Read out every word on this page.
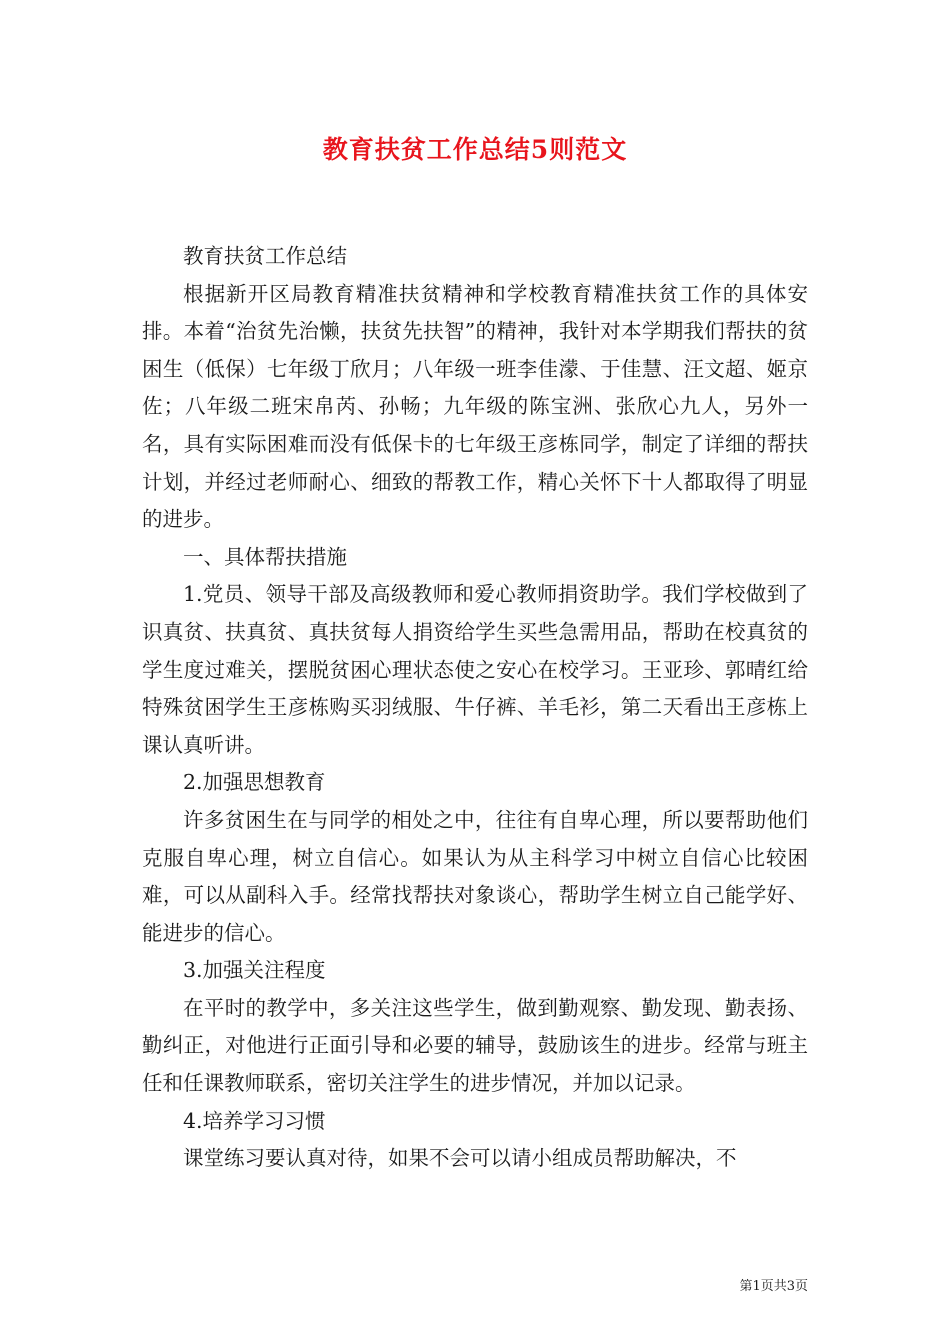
教育扶贫工作总结5则范文

教育扶贫工作总结

根据新开区局教育精准扶贫精神和学校教育精准扶贫工作的具体安排。本着“治贫先治懒，扶贫先扶智”的精神，我针对本学期我们帮扶的贫困生（低保）七年级丁欣月；八年级一班李佳濛、于佳慧、汪文超、姬京佐；八年级二班宋帛芮、孙畅；九年级的陈宝洲、张欣心九人，另外一名，具有实际困难而没有低保卡的七年级王彦栋同学，制定了详细的帮扶计划，并经过老师耐心、细致的帮教工作，精心关怀下十人都取得了明显的进步。

一、具体帮扶措施

1.党员、领导干部及高级教师和爱心教师捐资助学。我们学校做到了识真贫、扶真贫、真扶贫每人捐资给学生买些急需用品，帮助在校真贫的学生度过难关，摆脱贫困心理状态使之安心在校学习。王亚珍、郭晴红给特殊贫困学生王彦栋购买羽绒服、牛仔裤、羊毛衫，第二天看出王彦栋上课认真听讲。

2.加强思想教育

许多贫困生在与同学的相处之中，往往有自卑心理，所以要帮助他们克服自卑心理，树立自信心。如果认为从主科学习中树立自信心比较困难，可以从副科入手。经常找帮扶对象谈心，帮助学生树立自己能学好、能进步的信心。

3.加强关注程度

在平时的教学中，多关注这些学生，做到勤观察、勤发现、勤表扬、勤纠正，对他进行正面引导和必要的辅导，鼓励该生的进步。经常与班主任和任课教师联系，密切关注学生的进步情况，并加以记录。

4.培养学习习惯

课堂练习要认真对待，如果不会可以请小组成员帮助解决，不

第1页共3页
